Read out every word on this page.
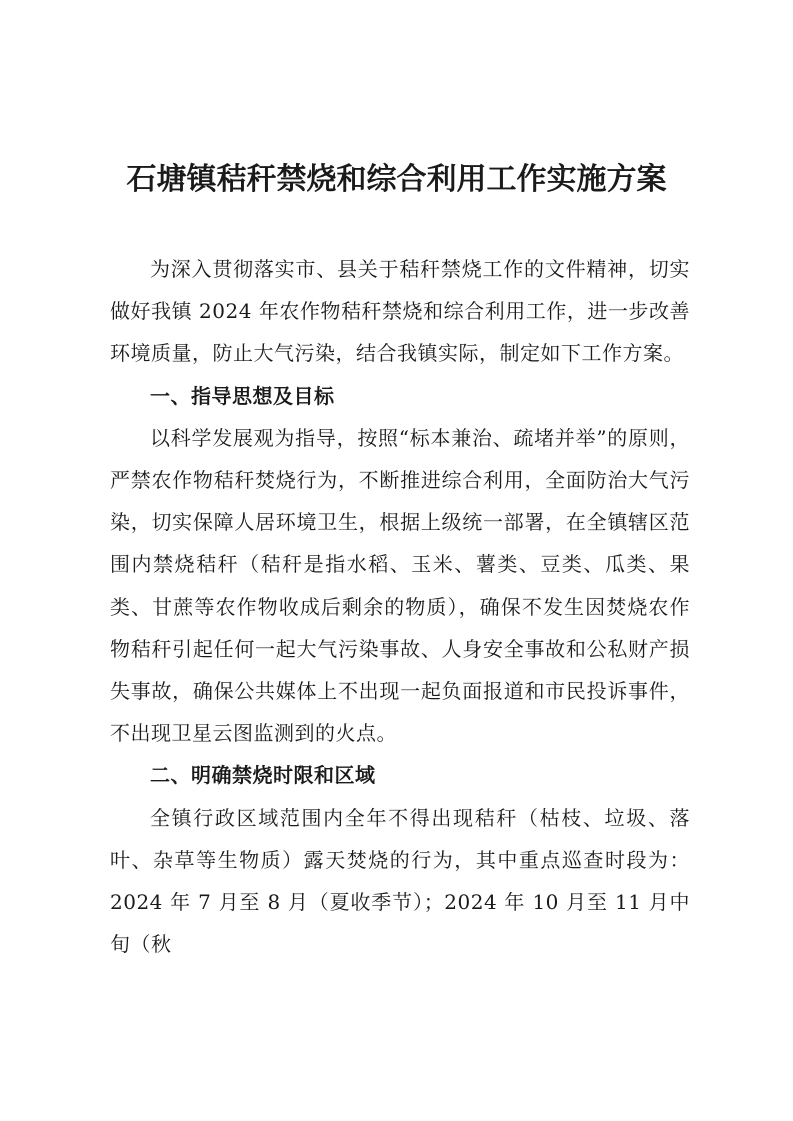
石塘镇秸秆禁烧和综合利用工作实施方案

为深入贯彻落实市、县关于秸秆禁烧工作的文件精神，切实做好我镇 2024 年农作物秸秆禁烧和综合利用工作，进一步改善环境质量，防止大气污染，结合我镇实际，制定如下工作方案。

一、指导思想及目标

以科学发展观为指导，按照“标本兼治、疏堵并举”的原则，严禁农作物秸秆焚烧行为，不断推进综合利用，全面防治大气污染，切实保障人居环境卫生，根据上级统一部署，在全镇辖区范围内禁烧秸秆（秸秆是指水稻、玉米、薯类、豆类、瓜类、果类、甘蔗等农作物收成后剩余的物质），确保不发生因焚烧农作物秸秆引起任何一起大气污染事故、人身安全事故和公私财产损失事故，确保公共媒体上不出现一起负面报道和市民投诉事件，不出现卫星云图监测到的火点。

二、明确禁烧时限和区域

全镇行政区域范围内全年不得出现秸秆（枯枝、垃圾、落叶、杂草等生物质）露天焚烧的行为，其中重点巡查时段为：2024 年 7 月至 8 月（夏收季节）；2024 年 10 月至 11 月中旬（秋
